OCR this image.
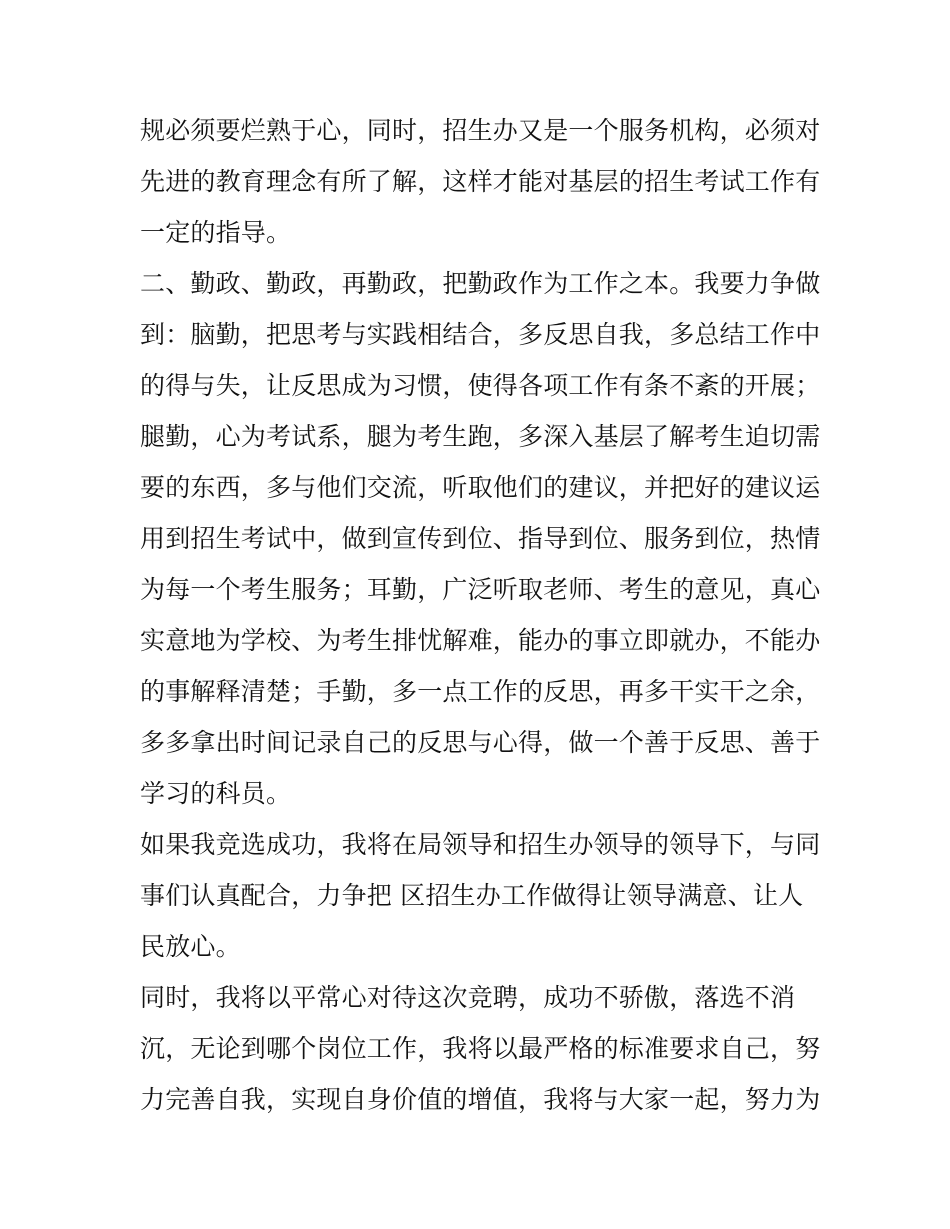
规必须要烂熟于心，同时，招生办又是一个服务机构，必须对
先进的教育理念有所了解，这样才能对基层的招生考试工作有
一定的指导。
二、勤政、勤政，再勤政，把勤政作为工作之本。我要力争做
到：脑勤，把思考与实践相结合，多反思自我，多总结工作中
的得与失，让反思成为习惯，使得各项工作有条不紊的开展；
腿勤，心为考试系，腿为考生跑，多深入基层了解考生迫切需
要的东西，多与他们交流，听取他们的建议，并把好的建议运
用到招生考试中，做到宣传到位、指导到位、服务到位，热情
为每一个考生服务；耳勤，广泛听取老师、考生的意见，真心
实意地为学校、为考生排忧解难，能办的事立即就办，不能办
的事解释清楚；手勤，多一点工作的反思，再多干实干之余，
多多拿出时间记录自己的反思与心得，做一个善于反思、善于
学习的科员。
如果我竞选成功，我将在局领导和招生办领导的领导下，与同
事们认真配合，力争把 区招生办工作做得让领导满意、让人
民放心。
同时，我将以平常心对待这次竞聘，成功不骄傲，落选不消
沉，无论到哪个岗位工作，我将以最严格的标准要求自己，努
力完善自我，实现自身价值的增值，我将与大家一起，努力为
